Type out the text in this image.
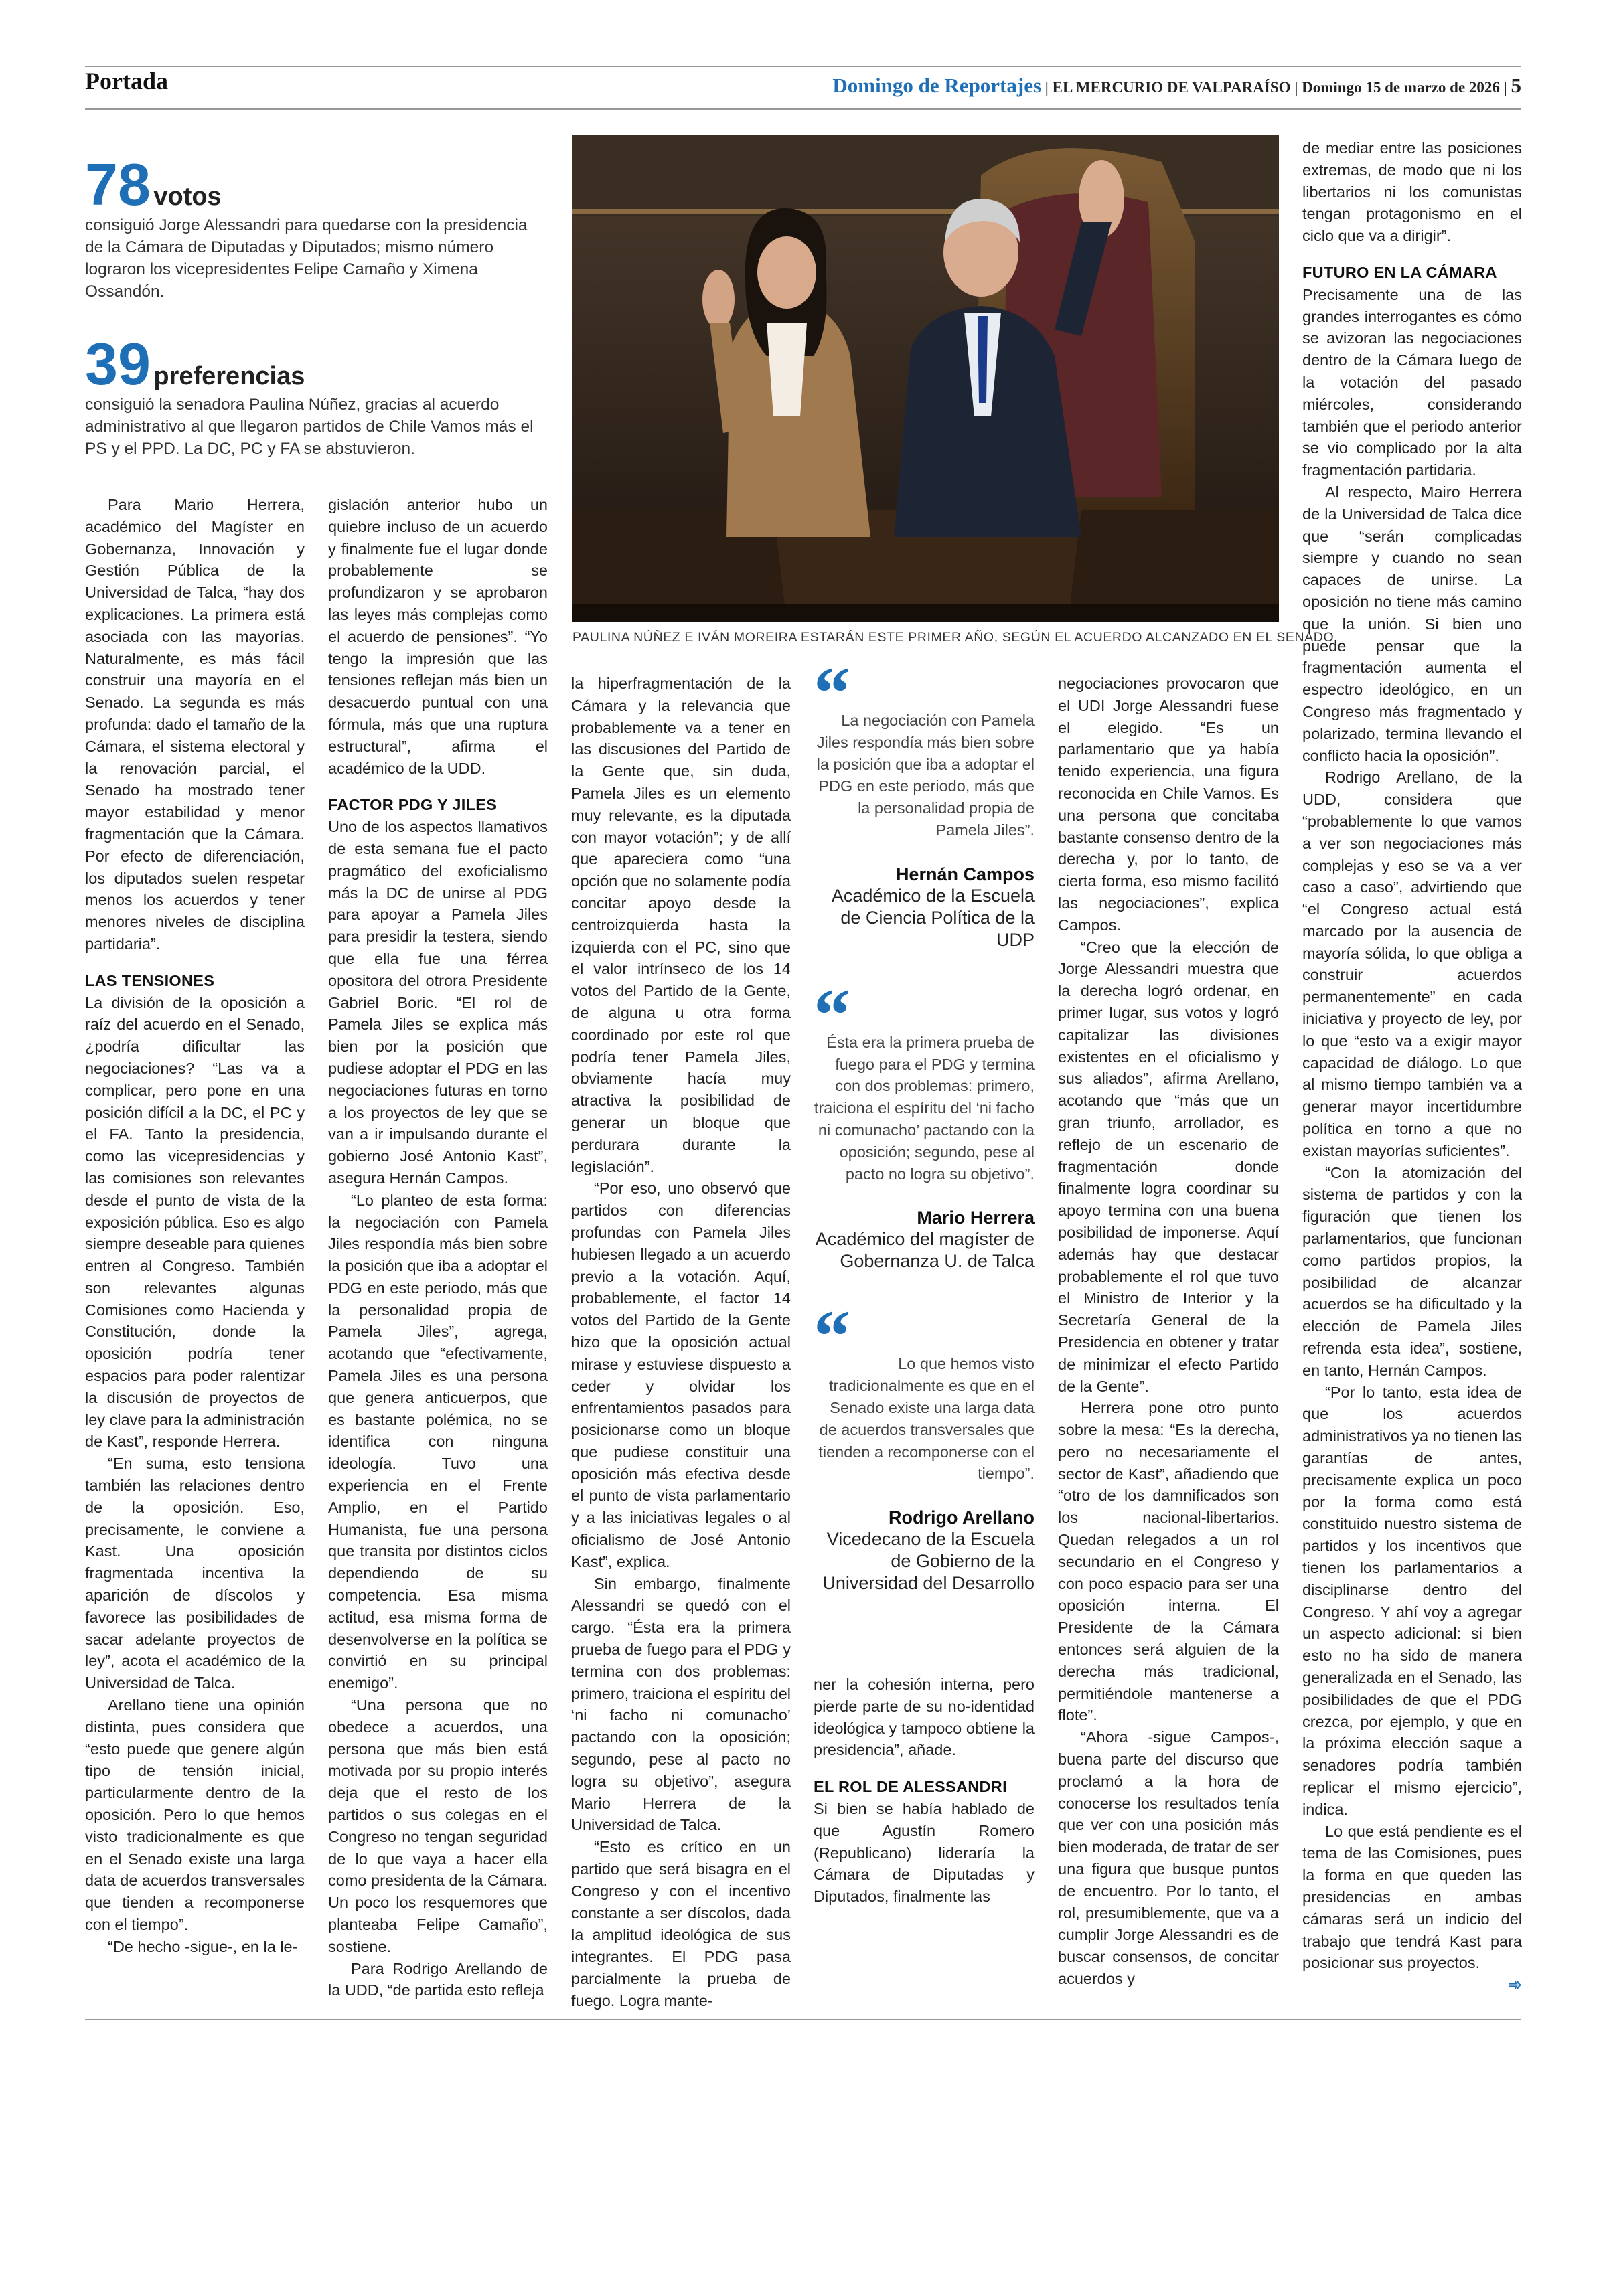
Portada	Domingo de Reportajes | EL MERCURIO DE VALPARAÍSO | Domingo 15 de marzo de 2026 | 5
78 votos
consiguió Jorge Alessandri para quedarse con la presidencia de la Cámara de Diputadas y Diputados; mismo número lograron los vicepresidentes Felipe Camaño y Ximena Ossandón.
39 preferencias
consiguió la senadora Paulina Núñez, gracias al acuerdo administrativo al que llegaron partidos de Chile Vamos más el PS y el PPD. La DC, PC y FA se abstuvieron.
PAULINA NÚÑEZ E IVÁN MOREIRA ESTARÁN ESTE PRIMER AÑO, SEGÚN EL ACUERDO ALCANZADO EN EL SENADO.

Para Mario Herrera, académico del Magíster en Gobernanza, Innovación y Gestión Pública de la Universidad de Talca, “hay dos explicaciones. La primera está asociada con las mayorías. Naturalmente, es más fácil construir una mayoría en el Senado. La segunda es más profunda: dado el tamaño de la Cámara, el sistema electoral y la renovación parcial, el Senado ha mostrado tener mayor estabilidad y menor fragmentación que la Cámara. Por efecto de diferenciación, los diputados suelen respetar menos los acuerdos y tener menores niveles de disciplina partidaria”.

LAS TENSIONES

La división de la oposición a raíz del acuerdo en el Senado, ¿podría dificultar las negociaciones? “Las va a complicar, pero pone en una posición difícil a la DC, el PC y el FA. Tanto la presidencia, como las vicepresidencias y las comisiones son relevantes desde el punto de vista de la exposición pública. Eso es algo siempre deseable para quienes entren al Congreso. También son relevantes algunas Comisiones como Hacienda y Constitución, donde la oposición podría tener espacios para poder ralentizar la discusión de proyectos de ley clave para la administración de Kast”, responde Herrera.

“En suma, esto tensiona también las relaciones dentro de la oposición. Eso, precisamente, le conviene a Kast. Una oposición fragmentada incentiva la aparición de díscolos y favorece las posibilidades de sacar adelante proyectos de ley”, acota el académico de la Universidad de Talca.

Arellano tiene una opinión distinta, pues considera que “esto puede que genere algún tipo de tensión inicial, particularmente dentro de la oposición. Pero lo que hemos visto tradicionalmente es que en el Senado existe una larga data de acuerdos transversales que tienden a recomponerse con el tiempo”.

“De hecho -sigue-, en la le-

gislación anterior hubo un quiebre incluso de un acuerdo y finalmente fue el lugar donde probablemente se profundizaron y se aprobaron las leyes más complejas como el acuerdo de pensiones”. “Yo tengo la impresión que las tensiones reflejan más bien un desacuerdo puntual con una fórmula, más que una ruptura estructural”, afirma el académico de la UDD.

FACTOR PDG Y JILES

Uno de los aspectos llamativos de esta semana fue el pacto pragmático del exoficialismo más la DC de unirse al PDG para apoyar a Pamela Jiles para presidir la testera, siendo que ella fue una férrea opositora del otrora Presidente Gabriel Boric. “El rol de Pamela Jiles se explica más bien por la posición que pudiese adoptar el PDG en las negociaciones futuras en torno a los proyectos de ley que se van a ir impulsando durante el gobierno José Antonio Kast”, asegura Hernán Campos.

“Lo planteo de esta forma: la negociación con Pamela Jiles respondía más bien sobre la posición que iba a adoptar el PDG en este periodo, más que la personalidad propia de Pamela Jiles”, agrega, acotando que “efectivamente, Pamela Jiles es una persona que genera anticuerpos, que es bastante polémica, no se identifica con ninguna ideología. Tuvo una experiencia en el Frente Amplio, en el Partido Humanista, fue una persona que transita por distintos ciclos dependiendo de su competencia. Esa misma actitud, esa misma forma de desenvolverse en la política se convirtió en su principal enemigo”.

“Una persona que no obedece a acuerdos, una persona que más bien está motivada por su propio interés deja que el resto de los partidos o sus colegas en el Congreso no tengan seguridad de lo que vaya a hacer ella como presidenta de la Cámara. Un poco los resquemores que planteaba Felipe Camaño”, sostiene.

Para Rodrigo Arellando de la UDD, “de partida esto refleja

la hiperfragmentación de la Cámara y la relevancia que probablemente va a tener en las discusiones del Partido de la Gente que, sin duda, Pamela Jiles es un elemento muy relevante, es la diputada con mayor votación”; y de allí que apareciera como “una opción que no solamente podía concitar apoyo desde la centroizquierda hasta la izquierda con el PC, sino que el valor intrínseco de los 14 votos del Partido de la Gente, de alguna u otra forma coordinado por este rol que podría tener Pamela Jiles, obviamente hacía muy atractiva la posibilidad de generar un bloque que perdurara durante la legislación”.

“Por eso, uno observó que partidos con diferencias profundas con Pamela Jiles hubiesen llegado a un acuerdo previo a la votación. Aquí, probablemente, el factor 14 votos del Partido de la Gente hizo que la oposición actual mirase y estuviese dispuesto a ceder y olvidar los enfrentamientos pasados para posicionarse como un bloque que pudiese constituir una oposición más efectiva desde el punto de vista parlamentario y a las iniciativas legales o al oficialismo de José Antonio Kast”, explica.

Sin embargo, finalmente Alessandri se quedó con el cargo. “Ésta era la primera prueba de fuego para el PDG y termina con dos problemas: primero, traiciona el espíritu del ‘ni facho ni comunacho’ pactando con la oposición; segundo, pese al pacto no logra su objetivo”, asegura Mario Herrera de la Universidad de Talca.

“Esto es crítico en un partido que será bisagra en el Congreso y con el incentivo constante a ser díscolos, dada la amplitud ideológica de sus integrantes. El PDG pasa parcialmente la prueba de fuego. Logra mante-

“
La negociación con Pamela Jiles respondía más bien sobre la posición que iba a adoptar el PDG en este periodo, más que la personalidad propia de Pamela Jiles”.
Hernán Campos
Académico de la Escuela de Ciencia Política de la UDP
“
Ésta era la primera prueba de fuego para el PDG y termina con dos problemas: primero, traiciona el espíritu del ‘ni facho ni comunacho’ pactando con la oposición; segundo, pese al pacto no logra su objetivo”.
Mario Herrera
Académico del magíster de Gobernanza U. de Talca
“	Lo que hemos visto tradicionalmente es que en el Senado existe una larga data de acuerdos transversales que tienden a recomponerse con el tiempo”.
Rodrigo Arellano
Vicedecano de la Escuela de Gobierno de la Universidad del Desarrollo

ner la cohesión interna, pero pierde parte de su no-identidad ideológica y tampoco obtiene la presidencia”, añade.

EL ROL DE ALESSANDRI

Si bien se había hablado de que Agustín Romero (Republicano) lideraría la Cámara de Diputadas y Diputados, finalmente las

negociaciones provocaron que el UDI Jorge Alessandri fuese el elegido. “Es un parlamentario que ya había tenido experiencia, una figura reconocida en Chile Vamos. Es una persona que concitaba bastante consenso dentro de la derecha y, por lo tanto, de cierta forma, eso mismo facilitó las negociaciones”, explica Campos.

“Creo que la elección de Jorge Alessandri muestra que la derecha logró ordenar, en primer lugar, sus votos y logró capitalizar las divisiones existentes en el oficialismo y sus aliados”, afirma Arellano, acotando que “más que un gran triunfo, arrollador, es reflejo de un escenario de fragmentación donde finalmente logra coordinar su apoyo termina con una buena posibilidad de imponerse. Aquí además hay que destacar probablemente el rol que tuvo el Ministro de Interior y la Secretaría General de la Presidencia en obtener y tratar de minimizar el efecto Partido de la Gente”.

Herrera pone otro punto sobre la mesa: “Es la derecha, pero no necesariamente el sector de Kast”, añadiendo que “otro de los damnificados son los nacional-libertarios. Quedan relegados a un rol secundario en el Congreso y con poco espacio para ser una oposición interna. El Presidente de la Cámara entonces será alguien de la derecha más tradicional, permitiéndole mantenerse a flote”.

“Ahora -sigue Campos-, buena parte del discurso que proclamó a la hora de conocerse los resultados tenía que ver con una posición más bien moderada, de tratar de ser una figura que busque puntos de encuentro. Por lo tanto, el rol, presumiblemente, que va a cumplir Jorge Alessandri es de buscar consensos, de concitar acuerdos y

de mediar entre las posiciones extremas, de modo que ni los libertarios ni los comunistas tengan protagonismo en el ciclo que va a dirigir”.

FUTURO EN LA CÁMARA

Precisamente una de las grandes interrogantes es cómo se avizoran las negociaciones dentro de la Cámara luego de la votación del pasado miércoles, considerando también que el periodo anterior se vio complicado por la alta fragmentación partidaria.

Al respecto, Mairo Herrera de la Universidad de Talca dice que “serán complicadas siempre y cuando no sean capaces de unirse. La oposición no tiene más camino que la unión. Si bien uno puede pensar que la fragmentación aumenta el espectro ideológico, en un Congreso más fragmentado y polarizado, termina llevando el conflicto hacia la oposición”.

Rodrigo Arellano, de la UDD, considera que “probablemente lo que vamos a ver son negociaciones más complejas y eso se va a ver caso a caso”, advirtiendo que “el Congreso actual está marcado por la ausencia de mayoría sólida, lo que obliga a construir acuerdos permanentemente” en cada iniciativa y proyecto de ley, por lo que “esto va a exigir mayor capacidad de diálogo. Lo que al mismo tiempo también va a generar mayor incertidumbre política en torno a que no existan mayorías suficientes”.

“Con la atomización del sistema de partidos y con la figuración que tienen los parlamentarios, que funcionan como partidos propios, la posibilidad de alcanzar acuerdos se ha dificultado y la elección de Pamela Jiles refrenda esta idea”, sostiene, en tanto, Hernán Campos.

“Por lo tanto, esta idea de que los acuerdos administrativos ya no tienen las garantías de antes, precisamente explica un poco por la forma como está constituido nuestro sistema de partidos y los incentivos que tienen los parlamentarios a disciplinarse dentro del Congreso. Y ahí voy a agregar un aspecto adicional: si bien esto no ha sido de manera generalizada en el Senado, las posibilidades de que el PDG crezca, por ejemplo, y que en la próxima elección saque a senadores podría también replicar el mismo ejercicio”, indica.

Lo que está pendiente es el tema de las Comisiones, pues la forma en que queden las presidencias en ambas cámaras será un indicio del trabajo que tendrá Kast para posicionar sus proyectos.

➾
